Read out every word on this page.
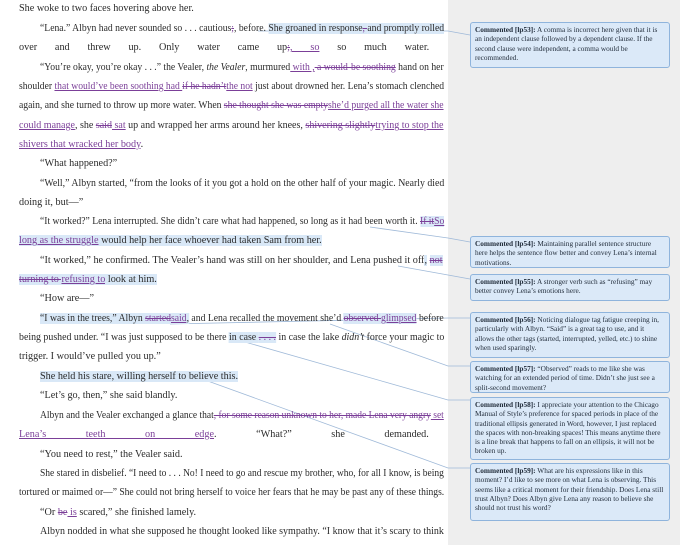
She woke to two faces hovering above her.
“Lena.” Albyn had never sounded so . . . cautious;, before. She groaned in response, and promptly rolled
over and threw up. Only water came up;, so so much water.
“You’re okay, you’re okay . . .” the Vealer, the Vealer, murmured with , a would-be soothing hand on her
shoulder that would’ve been soothing had if he hadn’tthe not just about drowned her. Lena’s stomach clenched
again, and she turned to throw up more water. When she thought she was emptyshe’d purged all the water she
could manage, she said sat up and wrapped her arms around her knees, shivering slightlytrying to stop the
shivers that wracked her body.
“What happened?”
“Well,” Albyn started, “from the looks of it you got a hold on the other half of your magic. Nearly died
doing it, but—”
“It worked?” Lena interrupted. She didn’t care what had happened, so long as it had been worth it. If itSo
long as the struggle would help her face whoever had taken Sam from her.
“It worked,” he confirmed. The Vealer’s hand was still on her shoulder, and Lena pushed it off, not
turning to refusing to look at him.
“How are—”
“I was in the trees,” Albyn startedsaid, and Lena recalled the movement she’d observed glimpsed before
being pushed under. “I was just supposed to be there in case . . . . in case the lake didn’t force your magic to
trigger. I would’ve pulled you up.”
She held his stare, willing herself to believe this.
“Let’s go, then,” she said blandly.
Albyn and the Vealer exchanged a glance that, for some reason unknown to her, made Lena very angry set
Lena’s teeth on edge. “What?” she demanded.
“You need to rest,” the Vealer said.
She stared in disbelief. “I need to . . . No! I need to go and rescue my brother, who, for all I know, is being
tortured or maimed or—” She could not bring herself to voice her fears that he may be past any of these things.
“Or be is scared,” she finished lamely.
Albyn nodded in what she supposed he thought looked like sympathy. “I know that it’s scary to think
Commented [lp53]: A comma is incorrect here given that it is an independent clause followed by a dependent clause. If the second clause were independent, a comma would be recommended.
Commented [lp54]: Maintaining parallel sentence structure here helps the sentence flow better and convey Lena’s internal motivations.
Commented [lp55]: A stronger verb such as “refusing” may better convey Lena’s emotions here.
Commented [lp56]: Noticing dialogue tag fatigue creeping in, particularly with Albyn. “Said” is a great tag to use, and it allows the other tags (started, interrupted, yelled, etc.) to shine when used sparingly.
Commented [lp57]: “Observed” reads to me like she was watching for an extended period of time. Didn’t she just see a split-second movement?
Commented [lp58]: I appreciate your attention to the Chicago Manual of Style’s preference for spaced periods in place of the traditional ellipsis generated in Word, however, I just replaced the spaces with non-breaking spaces! This means anytime there is a line break that happens to fall on an ellipsis, it will not be broken up.
Commented [lp59]: What are his expressions like in this moment? I’d like to see more on what Lena is observing. This seems like a critical moment for their friendship. Does Lena still trust Albyn? Does Albyn give Lena any reason to believe she should not trust his word?
